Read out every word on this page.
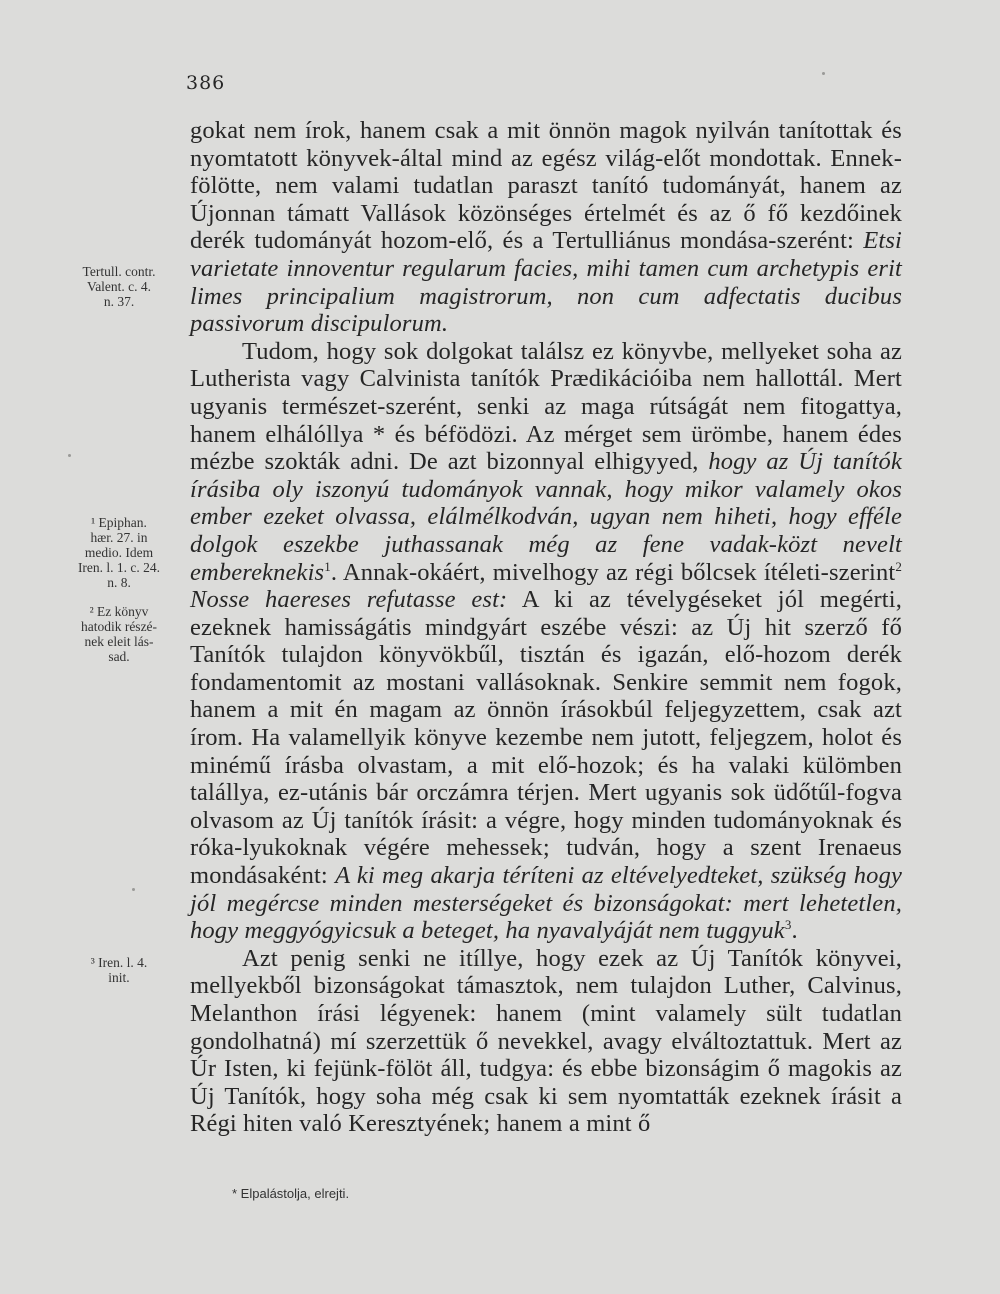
386

gokat nem írok, hanem csak a mit önnön magok nyilván tanítottak és nyomtatott könyvek-által mind az egész világ-előt mondottak. Ennek-fölötte, nem valami tudatlan paraszt tanító tudományát, hanem az Újonnan támatt Vallások közönséges értelmét és az ő fő kezdőinek derék tudományát hozom-elő, és a Tertulliánus mondása-szerént: Etsi varietate innoventur regularum facies, mihi tamen cum archetypis erit limes principalium magistrorum, non cum adfectatis ducibus passivorum discipulorum.

Tudom, hogy sok dolgokat találsz ez könyvbe, mellyeket soha az Lutherista vagy Calvinista tanítók Prædikációiba nem hallottál. Mert ugyanis természet-szerént, senki az maga rútságát nem fitogattya, hanem elhálóllya * és béfödözi. Az mérget sem ürömbe, hanem édes mézbe szokták adni. De azt bizonnyal elhigyyed, hogy az Új tanítók írásiba oly iszonyú tudományok vannak, hogy mikor valamely okos ember ezeket olvassa, elálmélkodván, ugyan nem hiheti, hogy efféle dolgok eszekbe juthassanak még az fene vadak-közt nevelt embereknekis$^1$. Annak-okáért, mivelhogy az régi bőlcsek ítéleti-szerint$^2$ Nosse haereses refutasse est: A ki az tévelygéseket jól megérti, ezeknek hamisságátis mindgyárt eszébe vészi: az Új hit szerző fő Tanítók tulajdon könyvökbűl, tisztán és igazán, elő-hozom derék fondamentomit az mostani vallásoknak. Senkire semmit nem fogok, hanem a mit én magam az önnön írásokbúl feljegyzettem, csak azt írom. Ha valamellyik könyve kezembe nem jutott, feljegzem, holot és minémű írásba olvastam, a mit elő-hozok; és ha valaki külömben talállya, ez-utánis bár orczámra térjen. Mert ugyanis sok üdőtűl-fogva olvasom az Új tanítók írásit: a végre, hogy minden tudományoknak és róka-lyukoknak végére mehessek; tudván, hogy a szent Irenaeus mondásaként: A ki meg akarja téríteni az eltévelyedteket, szükség hogy jól megércse minden mesterségeket és bizonságokat: mert lehetetlen, hogy meggyógyicsuk a beteget, ha nyavalyáját nem tuggyuk$^3$.

Azt penig senki ne itíllye, hogy ezek az Új Tanítók könyvei, mellyekből bizonságokat támasztok, nem tulajdon Luther, Calvinus, Melanthon írási légyenek: hanem (mint valamely sült tudatlan gondolhatná) mí szerzettük ő nevekkel, avagy elváltoztattuk. Mert az Úr Isten, ki fejünk-fölöt áll, tudgya: és ebbe bizonságim ő magokis az Új Tanítók, hogy soha még csak ki sem nyomtatták ezeknek írásit a Régi hiten való Keresztyének; hanem a mint ő

Tertull. contr.
Valent. c. 4.
n. 37.
¹ Epiphan.
hær. 27. in
medio. Idem
Iren. l. 1. c. 24.
n. 8.
² Ez könyv
hatodik részé-
nek eleit lás-
sad.
³ Iren. l. 4.
init.
* Elpalástolja, elrejti.
